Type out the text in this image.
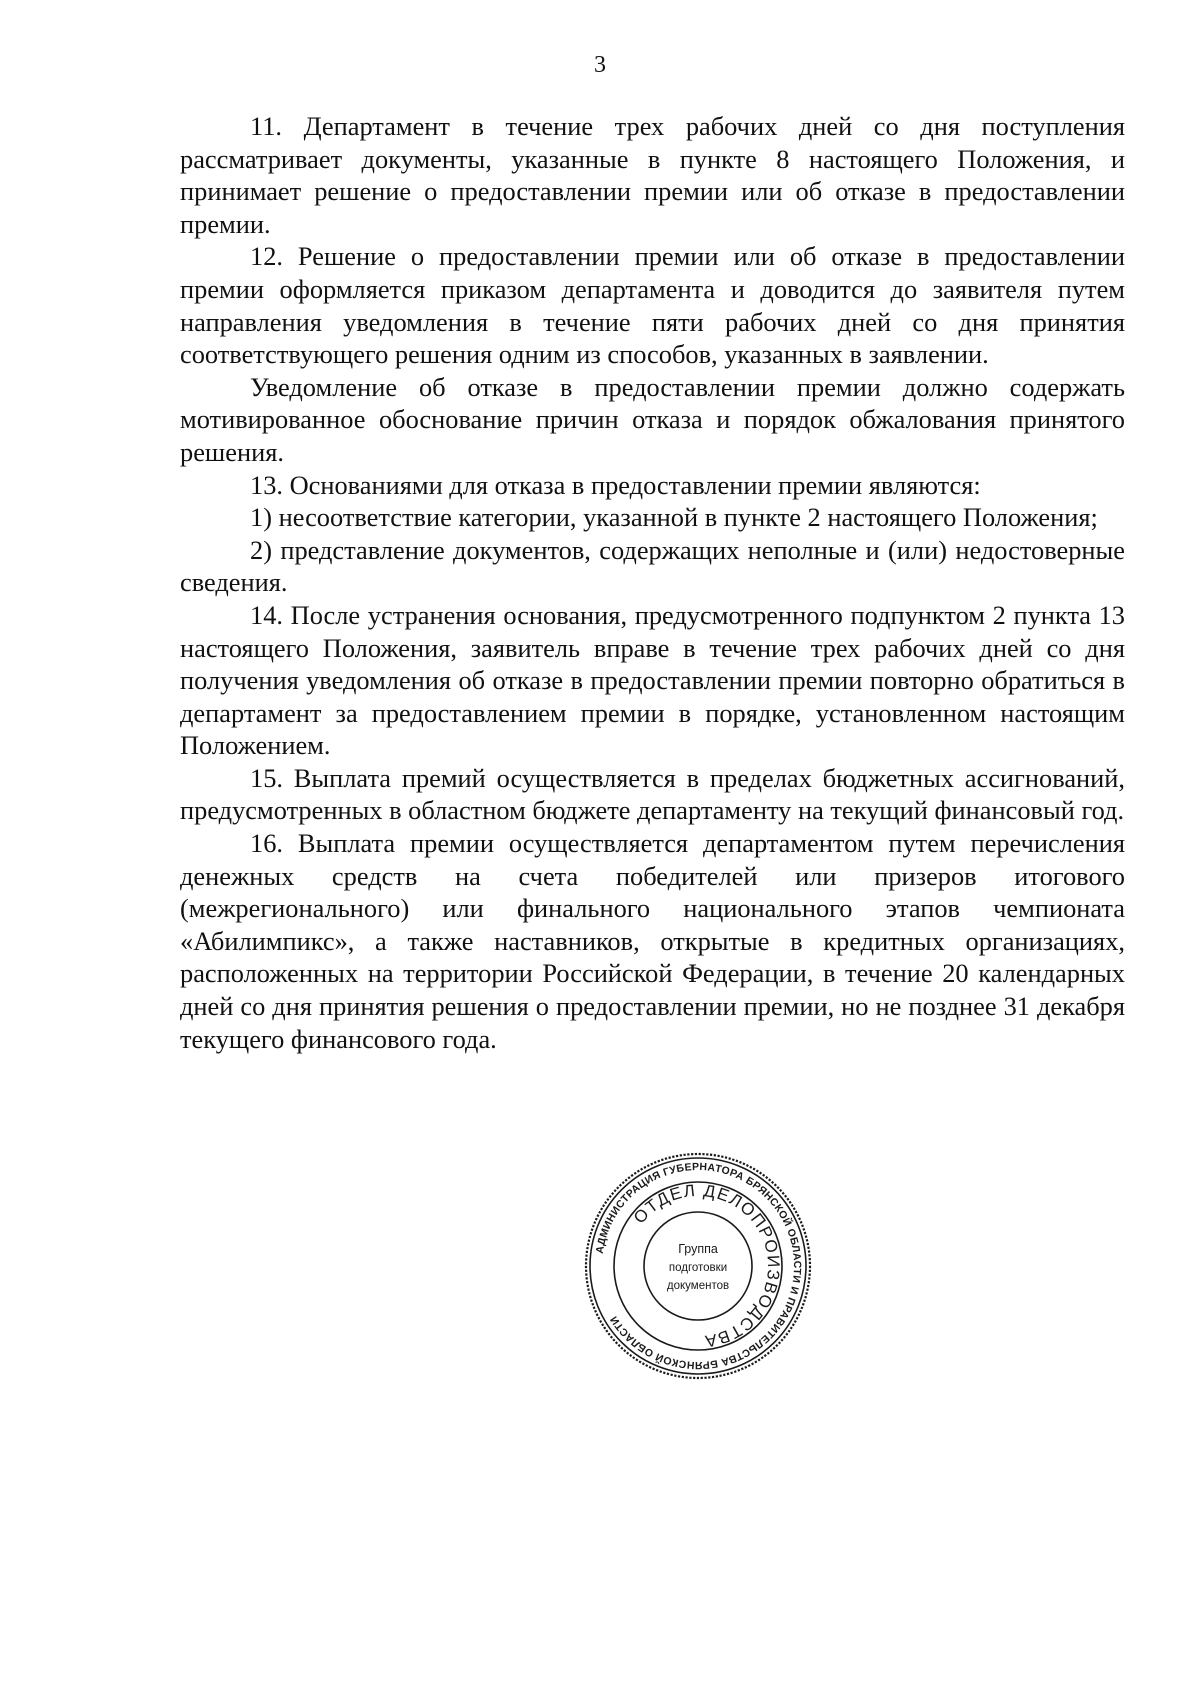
3

11. Департамент в течение трех рабочих дней со дня поступления рассматривает документы, указанные в пункте 8 настоящего Положения, и принимает решение о предоставлении премии или об отказе в предоставлении премии.

12. Решение о предоставлении премии или об отказе в предоставлении премии оформляется приказом департамента и доводится до заявителя путем направления уведомления в течение пяти рабочих дней со дня принятия соответствующего решения одним из способов, указанных в заявлении.

Уведомление об отказе в предоставлении премии должно содержать мотивированное обоснование причин отказа и порядок обжалования принятого решения.

13. Основаниями для отказа в предоставлении премии являются:

1) несоответствие категории, указанной в пункте 2 настоящего Положения;

2) представление документов, содержащих неполные и (или) недостоверные сведения.

14. После устранения основания, предусмотренного подпунктом 2 пункта 13 настоящего Положения, заявитель вправе в течение трех рабочих дней со дня получения уведомления об отказе в предоставлении премии повторно обратиться в департамент за предоставлением премии в порядке, установленном настоящим Положением.

15. Выплата премий осуществляется в пределах бюджетных ассигнований, предусмотренных в областном бюджете департаменту на текущий финансовый год.

16. Выплата премии осуществляется департаментом путем перечисления денежных средств на счета победителей или призеров итогового (межрегионального) или финального национального этапов чемпионата «Абилимпикс», а также наставников, открытые в кредитных организациях, расположенных на территории Российской Федерации, в течение 20 календарных дней со дня принятия решения о предоставлении премии, но не позднее 31 декабря текущего финансового года.

АДМИНИСТРАЦИЯ ГУБЕРНАТОРА БРЯНСКОЙ ОБЛАСТИ И ПРАВИТЕЛЬСТВА БРЯНСКОЙ ОБЛАСТИ
ОТДЕЛ ДЕЛОПРОИЗВОДСТВА
Группа
подготовки
документов
